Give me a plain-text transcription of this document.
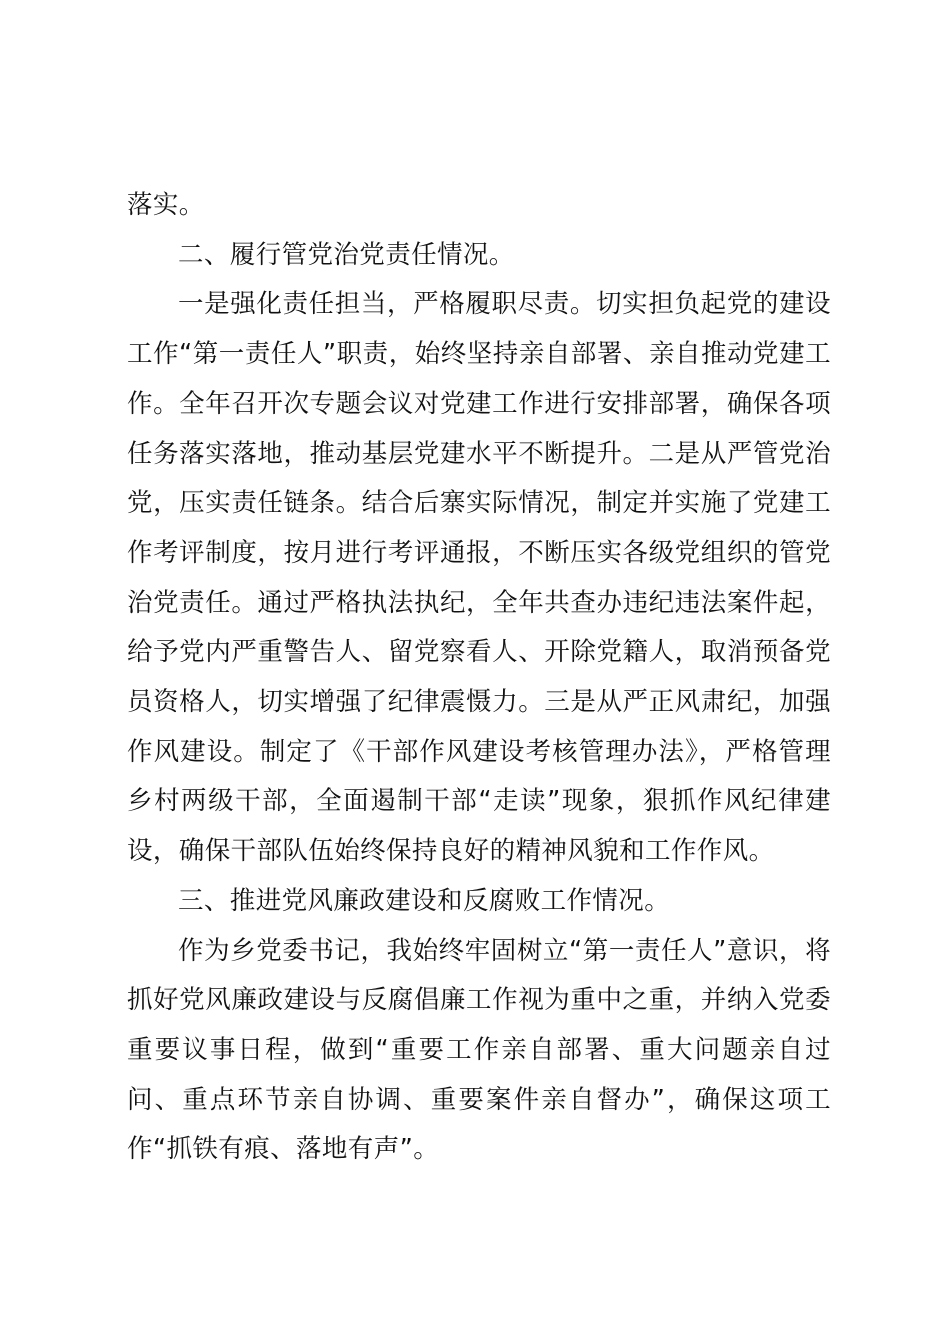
落实。

二、履行管党治党责任情况。

一是强化责任担当，严格履职尽责。切实担负起党的建设工作“第一责任人”职责，始终坚持亲自部署、亲自推动党建工作。全年召开次专题会议对党建工作进行安排部署，确保各项任务落实落地，推动基层党建水平不断提升。二是从严管党治党，压实责任链条。结合后寨实际情况，制定并实施了党建工作考评制度，按月进行考评通报，不断压实各级党组织的管党治党责任。通过严格执法执纪，全年共查办违纪违法案件起，给予党内严重警告人、留党察看人、开除党籍人，取消预备党员资格人，切实增强了纪律震慑力。三是从严正风肃纪，加强作风建设。制定了《干部作风建设考核管理办法》，严格管理乡村两级干部，全面遏制干部“走读”现象，狠抓作风纪律建设，确保干部队伍始终保持良好的精神风貌和工作作风。

三、推进党风廉政建设和反腐败工作情况。

作为乡党委书记，我始终牢固树立“第一责任人”意识，将抓好党风廉政建设与反腐倡廉工作视为重中之重，并纳入党委重要议事日程，做到“重要工作亲自部署、重大问题亲自过问、重点环节亲自协调、重要案件亲自督办”，确保这项工作“抓铁有痕、落地有声”。
